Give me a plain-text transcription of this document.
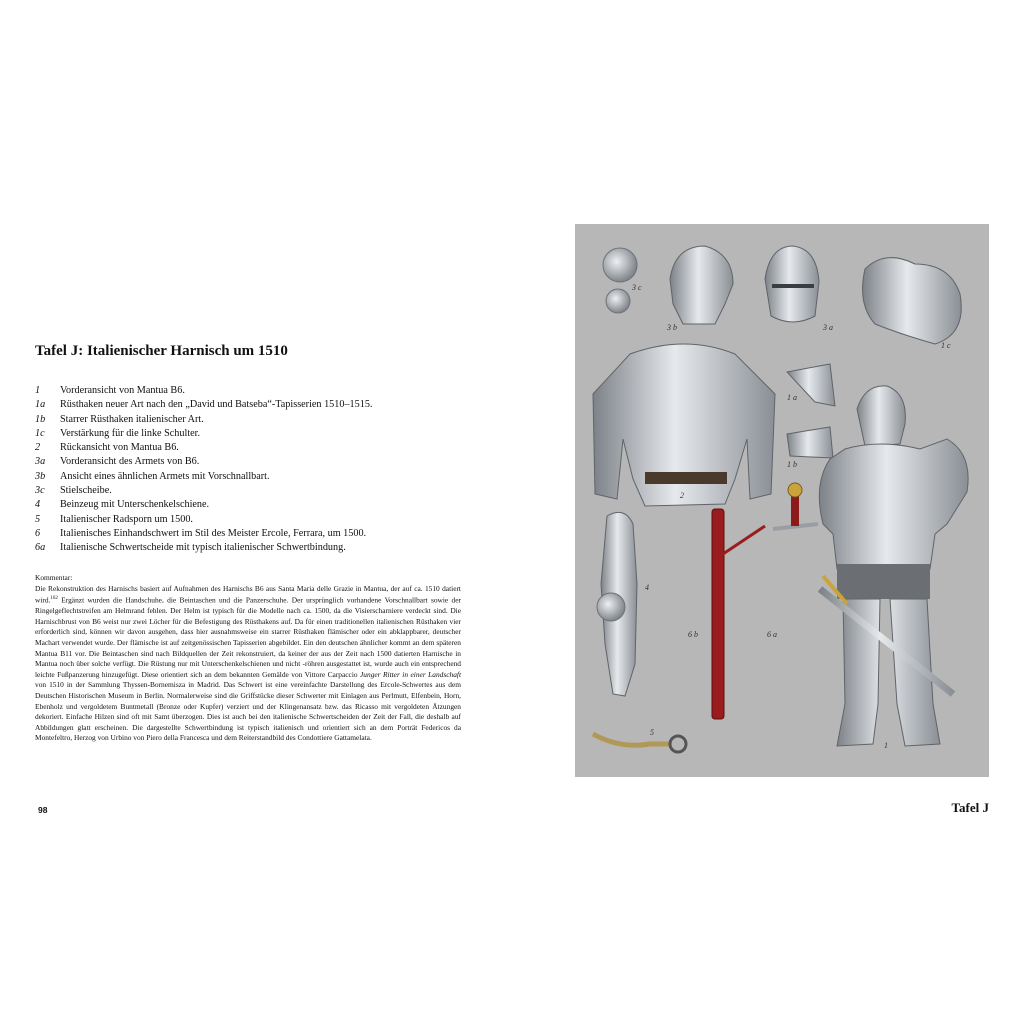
Tafel J: Italienischer Harnisch um 1510
1	Vorderansicht von Mantua B6.
1a	Rüsthaken neuer Art nach den „David und Batseba“-Tapisserien 1510–1515.
1b	Starrer Rüsthaken italienischer Art.
1c	Verstärkung für die linke Schulter.
2	Rückansicht von Mantua B6.
3a	Vorderansicht des Armets von B6.
3b	Ansicht eines ähnlichen Armets mit Vorschnallbart.
3c	Stielscheibe.
4	Beinzeug mit Unterschenkelschiene.
5	Italienischer Radsporn um 1500.
6	Italienisches Einhandschwert im Stil des Meister Ercole, Ferrara, um 1500.
6a	Italienische Schwertscheide mit typisch italienischer Schwertbindung.
Kommentar:
Die Rekonstruktion des Harnischs basiert auf Aufnahmen des Harnischs B6 aus Santa Maria delle Grazie in Mantua, der auf ca. 1510 datiert wird.$^{162}$ Ergänzt wurden die Handschuhe, die Beintaschen und die Panzerschuhe. Der ursprünglich vorhandene Vorschnallbart sowie der Ringelgeflechtstreifen am Helmrand fehlen. Der Helm ist typisch für die Modelle nach ca. 1500, da die Visierscharniere verdeckt sind. Die Harnischbrust von B6 weist nur zwei Löcher für die Befestigung des Rüsthakens auf. Da für einen traditionellen italienischen Rüsthaken vier erforderlich sind, können wir davon ausgehen, dass hier ausnahmsweise ein starrer Rüsthaken flämischer oder ein abklappbarer, deutscher Machart verwendet wurde. Der flämische ist auf zeitgenössischen Tapisserien abgebildet. Ein den deutschen ähnlicher kommt an dem späteren Mantua B11 vor. Die Beintaschen sind nach Bildquellen der Zeit rekonstruiert, da keiner der aus der Zeit nach 1500 datierten Harnische in Mantua noch über solche verfügt. Die Rüstung nur mit Unterschenkelschienen und nicht -röhren ausgestattet ist, wurde auch ein entsprechend leichte Fußpanzerung hinzugefügt. Diese orientiert sich an dem bekannten Gemälde von Vittore Carpaccio Junger Ritter in einer Landschaft von 1510 in der Sammlung Thyssen-Bornemisza in Madrid. Das Schwert ist eine vereinfachte Darstellung des Ercole-Schwertes aus dem Deutschen Historischen Museum in Berlin. Normalerweise sind die Griffstücke dieser Schwerter mit Einlagen aus Perlmutt, Elfenbein, Horn, Ebenholz und vergoldetem Buntmetall (Bronze oder Kupfer) verziert und der Klingenansatz bzw. das Ricasso mit vergoldeten Ätzungen dekoriert. Einfache Hilzen sind oft mit Samt überzogen. Dies ist auch bei den italienische Schwertscheiden der Zeit der Fall, die deshalb auf Abbildungen glatt erscheinen. Die dargestellte Schwertbindung ist typisch italienisch und orientiert sich an dem Porträt Federicos da Montefeltro, Herzog von Urbino von Piero della Francesca und dem Reiterstandbild des Condottiere Gattamelata.
98
3 c
3 b	3 a
1 c
1 a
1 b
2
4
6 b	6 a
5
1
Tafel J
